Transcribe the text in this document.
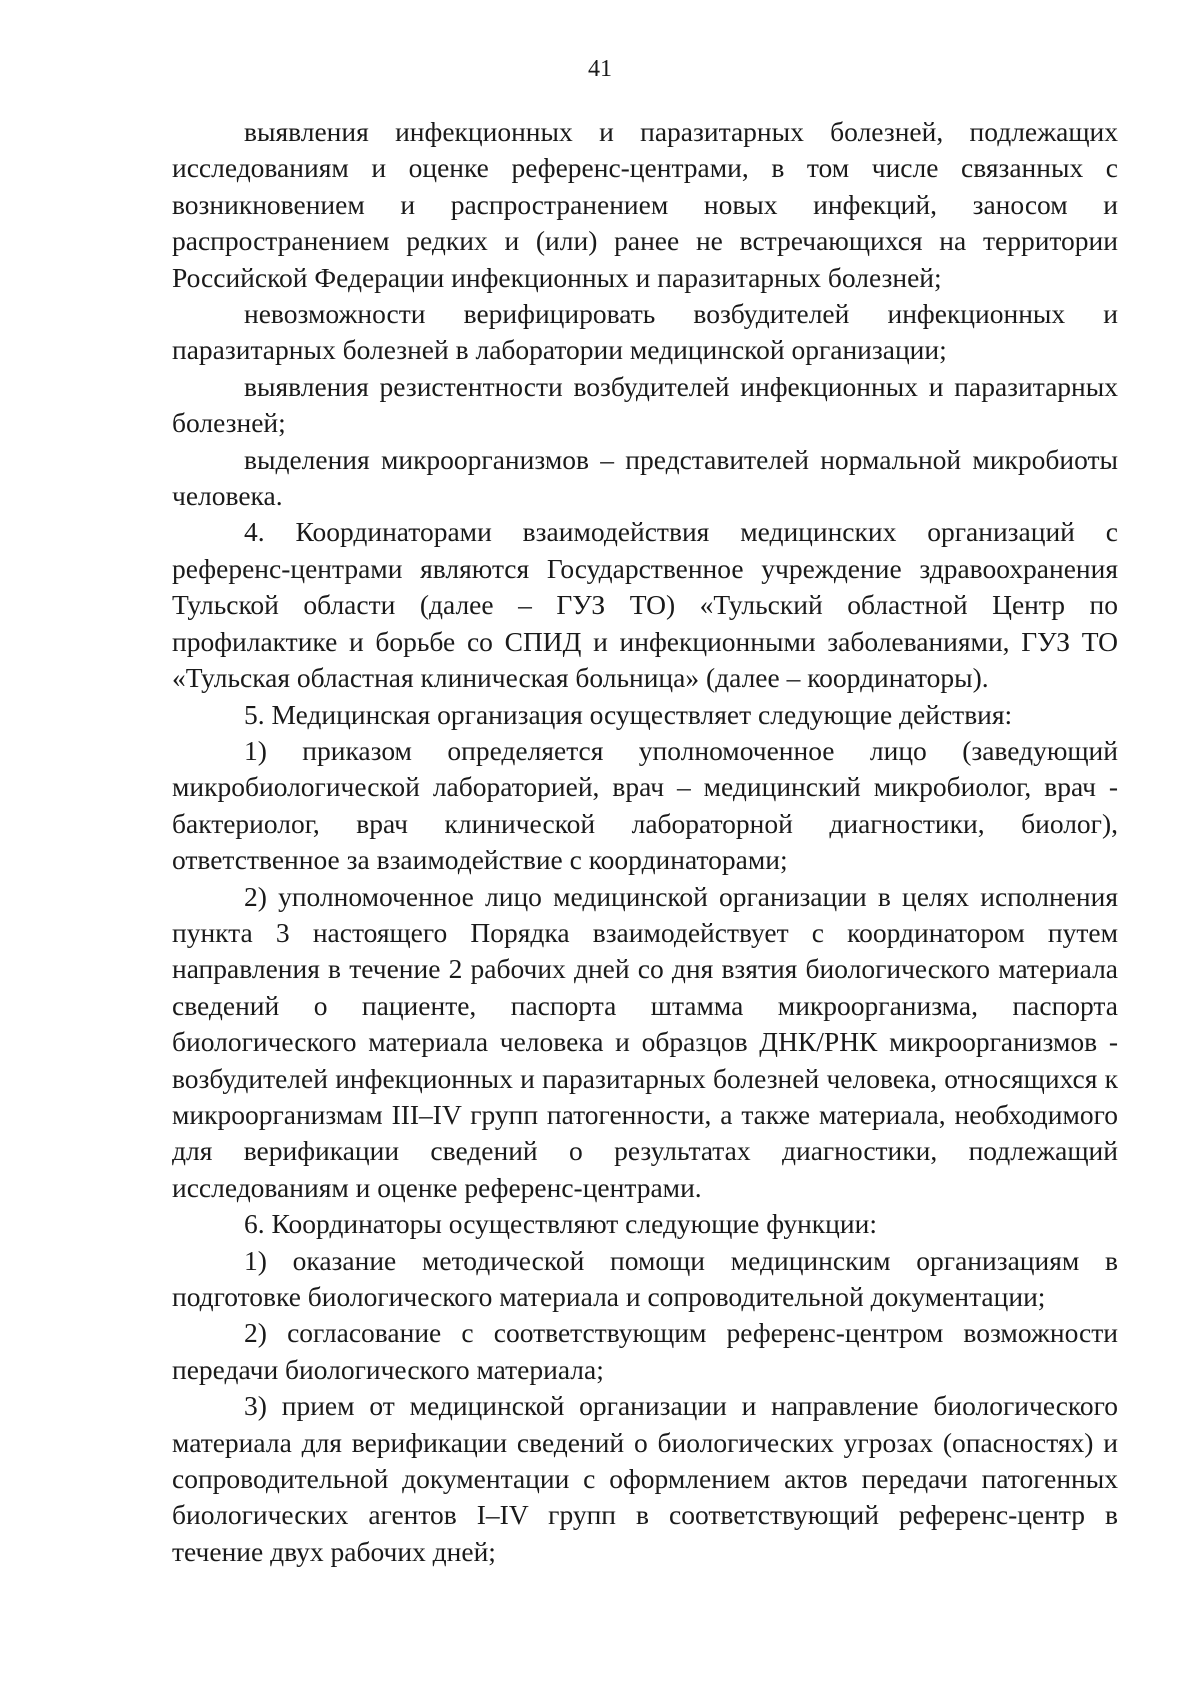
41

выявления инфекционных и паразитарных болезней, подлежащих исследованиям и оценке референс-центрами, в том числе связанных с возникновением и распространением новых инфекций, заносом и распространением редких и (или) ранее не встречающихся на территории Российской Федерации инфекционных и паразитарных болезней;

невозможности верифицировать возбудителей инфекционных и паразитарных болезней в лаборатории медицинской организации;

выявления резистентности возбудителей инфекционных и паразитарных болезней;

выделения микроорганизмов – представителей нормальной микробиоты человека.

4. Координаторами взаимодействия медицинских организаций с референс-центрами являются Государственное учреждение здравоохранения Тульской области (далее – ГУЗ ТО) «Тульский областной Центр по профилактике и борьбе со СПИД и инфекционными заболеваниями, ГУЗ ТО «Тульская областная клиническая больница» (далее – координаторы).

5. Медицинская организация осуществляет следующие действия:

1) приказом определяется уполномоченное лицо (заведующий микробиологической лабораторией, врач – медицинский микробиолог, врач - бактериолог, врач клинической лабораторной диагностики, биолог), ответственное за взаимодействие с координаторами;

2) уполномоченное лицо медицинской организации в целях исполнения пункта 3 настоящего Порядка взаимодействует с координатором путем направления в течение 2 рабочих дней со дня взятия биологического материала сведений о пациенте, паспорта штамма микроорганизма, паспорта биологического материала человека и образцов ДНК/РНК микроорганизмов - возбудителей инфекционных и паразитарных болезней человека, относящихся к микроорганизмам III–IV групп патогенности, а также материала, необходимого для верификации сведений о результатах диагностики, подлежащий исследованиям и оценке референс-центрами.

6. Координаторы осуществляют следующие функции:

1) оказание методической помощи медицинским организациям в подготовке биологического материала и сопроводительной документации;

2) согласование с соответствующим референс-центром возможности передачи биологического материала;

3) прием от медицинской организации и направление биологического материала для верификации сведений о биологических угрозах (опасностях) и сопроводительной документации с оформлением актов передачи патогенных биологических агентов I–IV групп в соответствующий референс-центр в течение двух рабочих дней;
